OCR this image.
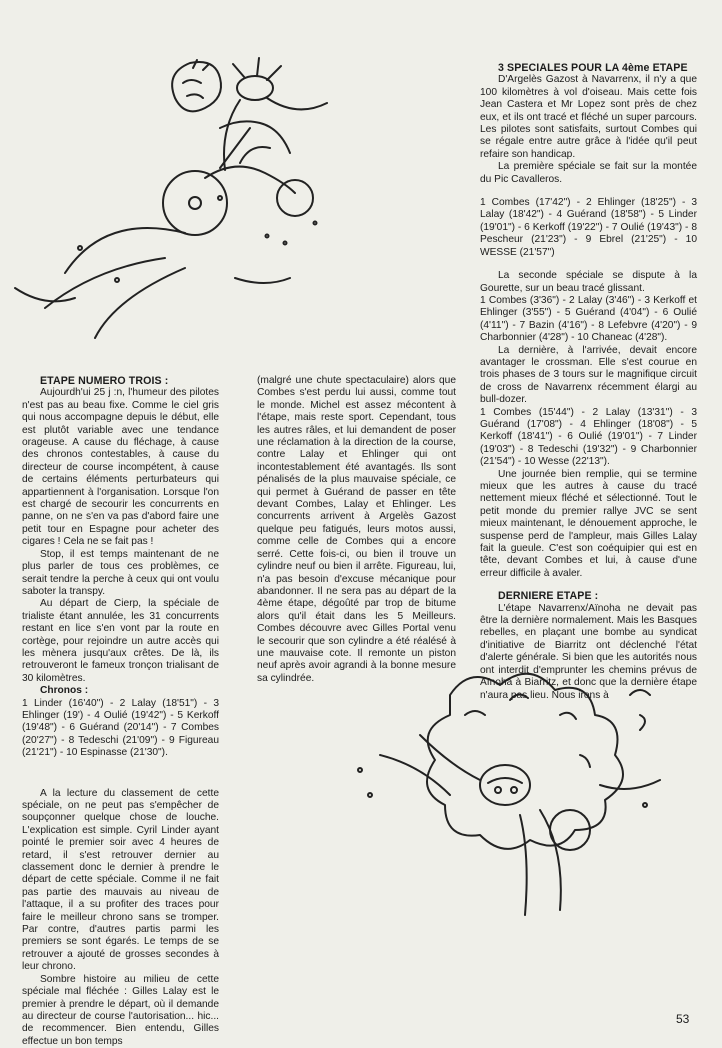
ETAPE NUMERO TROIS :

Aujourdh'ui 25 j :n, l'humeur des pilotes n'est pas au beau fixe. Comme le ciel gris qui nous accompagne depuis le début, elle est plutôt variable avec une tendance orageuse. A cause du fléchage, à cause des chronos contestables, à cause du directeur de course incompétent, à cause de certains éléments perturbateurs qui appartiennent à l'organisation. Lorsque l'on est chargé de secourir les concurrents en panne, on ne s'en va pas d'abord faire une petit tour en Espagne pour acheter des cigares ! Cela ne se fait pas !

Stop, il est temps maintenant de ne plus parler de tous ces problèmes, ce serait tendre la perche à ceux qui ont voulu saboter la transpy.

Au départ de Cierp, la spéciale de trialiste étant annulée, les 31 concurrents restant en lice s'en vont par la route en cortège, pour rejoindre un autre accès qui les mènera jusqu'aux crêtes. De là, ils retrouveront le fameux tronçon trialisant de 30 kilomètres.

Chronos :

1 Linder (16'40") - 2 Lalay (18'51") - 3 Ehlinger (19') - 4 Oulié (19'42") - 5 Kerkoff (19'48") - 6 Guérand (20'14") - 7 Combes (20'27") - 8 Tedeschi (21'09") - 9 Figureau (21'21") - 10 Espinasse (21'30").

A la lecture du classement de cette spéciale, on ne peut pas s'empêcher de soupçonner quelque chose de louche. L'explication est simple. Cyril Linder ayant pointé le premier soir avec 4 heures de retard, il s'est retrouver dernier au classement donc le dernier à prendre le départ de cette spéciale. Comme il ne fait pas partie des mauvais au niveau de l'attaque, il a su profiter des traces pour faire le meilleur chrono sans se tromper. Par contre, d'autres partis parmi les premiers se sont égarés. Le temps de se retrouver a ajouté de grosses secondes à leur chrono.

Sombre histoire au milieu de cette spéciale mal fléchée : Gilles Lalay est le premier à prendre le départ, où il demande au directeur de course l'autorisation... hic... de recommencer. Bien entendu, Gilles effectue un bon temps

(malgré une chute spectaculaire) alors que Combes s'est perdu lui aussi, comme tout le monde. Michel est assez mécontent à l'étape, mais reste sport. Cependant, tous les autres râles, et lui demandent de poser une réclamation à la direction de la course, contre Lalay et Ehlinger qui ont incontestablement été avantagés. Ils sont pénalisés de la plus mauvaise spéciale, ce qui permet à Guérand de passer en tête devant Combes, Lalay et Ehlinger. Les concurrents arrivent à Argelès Gazost quelque peu fatigués, leurs motos aussi, comme celle de Combes qui a encore serré. Cette fois-ci, ou bien il trouve un cylindre neuf ou bien il arrête. Figureau, lui, n'a pas besoin d'excuse mécanique pour abandonner. Il ne sera pas au départ de la 4ème étape, dégoûté par trop de bitume alors qu'il était dans les 5 Meilleurs. Combes découvre avec Gilles Portal venu le secourir que son cylindre a été réalésé à une mauvaise cote. Il remonte un piston neuf après avoir agrandi à la bonne mesure sa cylindrée.

3 SPECIALES POUR LA 4ème ETAPE

D'Argelès Gazost à Navarrenx, il n'y a que 100 kilomètres à vol d'oiseau. Mais cette fois Jean Castera et Mr Lopez sont près de chez eux, et ils ont tracé et fléché un super parcours. Les pilotes sont satisfaits, surtout Combes qui se régale entre autre grâce à l'idée qu'il peut refaire son handicap.

La première spéciale se fait sur la montée du Pic Cavalleros.

1 Combes (17'42") - 2 Ehlinger (18'25") - 3 Lalay (18'42") - 4 Guérand (18'58") - 5 Linder (19'01") - 6 Kerkoff (19'22") - 7 Oulié (19'43") - 8 Pescheur (21'23") - 9 Ebrel (21'25") - 10 WESSE (21'57")

La seconde spéciale se dispute à la Gourette, sur un beau tracé glissant.

1 Combes (3'36") - 2 Lalay (3'46") - 3 Kerkoff et Ehlinger (3'55") - 5 Guérand (4'04") - 6 Oulié (4'11") - 7 Bazin (4'16") - 8 Lefebvre (4'20") - 9 Charbonnier (4'28") - 10 Chaneac (4'28").

La dernière, à l'arrivée, devait encore avantager le crossman. Elle s'est courue en trois phases de 3 tours sur le magnifique circuit de cross de Navarrenx récemment élargi au bull-dozer.

1 Combes (15'44") - 2 Lalay (13'31") - 3 Guérand (17'08") - 4 Ehlinger (18'08") - 5 Kerkoff (18'41") - 6 Oulié (19'01") - 7 Linder (19'03") - 8 Tedeschi (19'32") - 9 Charbonnier (21'54") - 10 Wesse (22'13").

Une journée bien remplie, qui se termine mieux que les autres à cause du tracé nettement mieux fléché et sélectionné. Tout le petit monde du premier rallye JVC se sent mieux maintenant, le dénouement approche, le suspense perd de l'ampleur, mais Gilles Lalay fait la gueule. C'est son coéquipier qui est en tête, devant Combes et lui, à cause d'une erreur difficile à avaler.

DERNIERE ETAPE :

L'étape Navarrenx/Aïnoha ne devait pas être la dernière normalement. Mais les Basques rebelles, en plaçant une bombe au syndicat d'initiative de Biarritz ont déclenché l'état d'alerte générale. Si bien que les autorités nous ont interdit d'emprunter les chemins prévus de Aïnoha à Biarritz, et donc que la dernière étape n'aura pas lieu. Nous irons à

53
